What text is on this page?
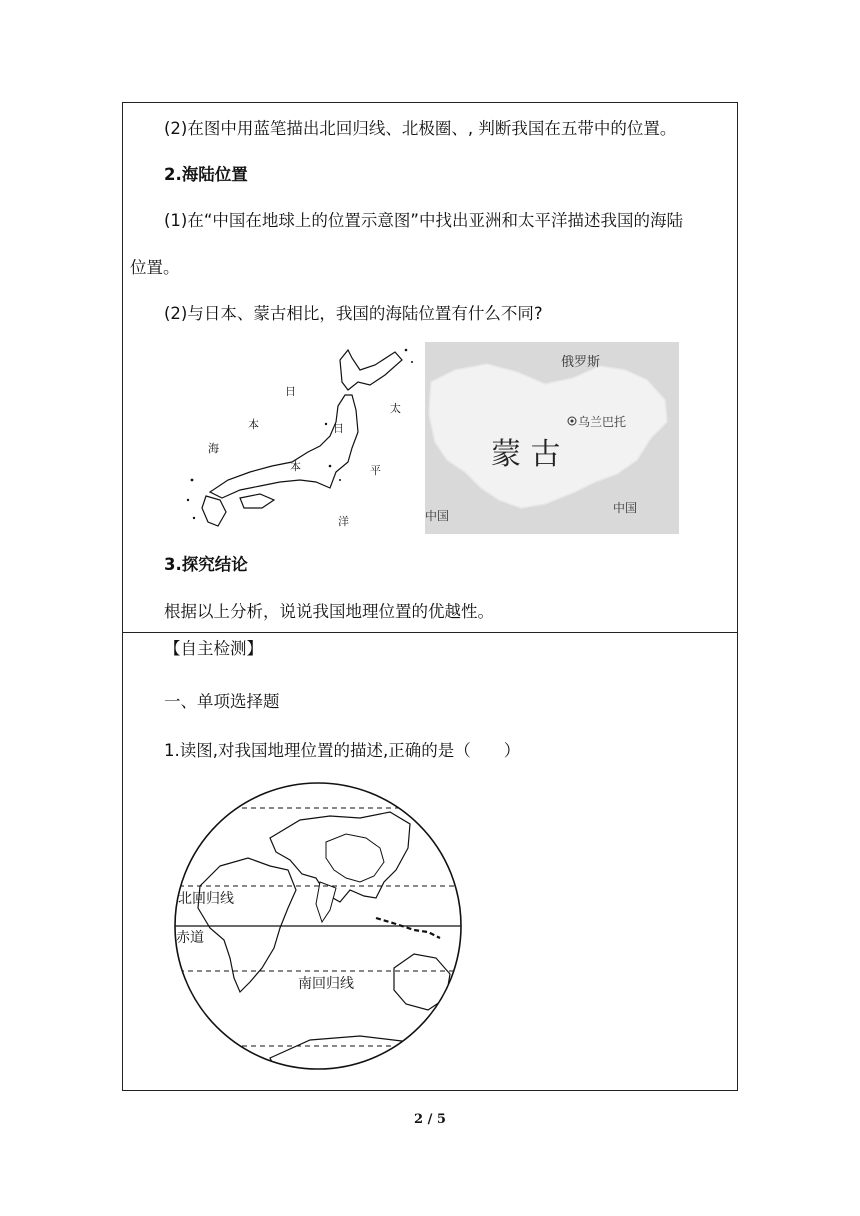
(2)在图中用蓝笔描出北回归线、北极圈、, 判断我国在五带中的位置。
2.海陆位置
(1)在“中国在地球上的位置示意图”中找出亚洲和太平洋描述我国的海陆
位置。
(2)与日本、蒙古相比，我国的海陆位置有什么不同?
日
本
海
日
本
太
平
洋
俄罗斯
乌兰巴托
蒙 古
中国
中国
3.探究结论
根据以上分析，说说我国地理位置的优越性。
【自主检测】
一、单项选择题
1.读图,对我国地理位置的描述,正确的是（　　）
北回归线
赤道
南回归线
2 / 5
